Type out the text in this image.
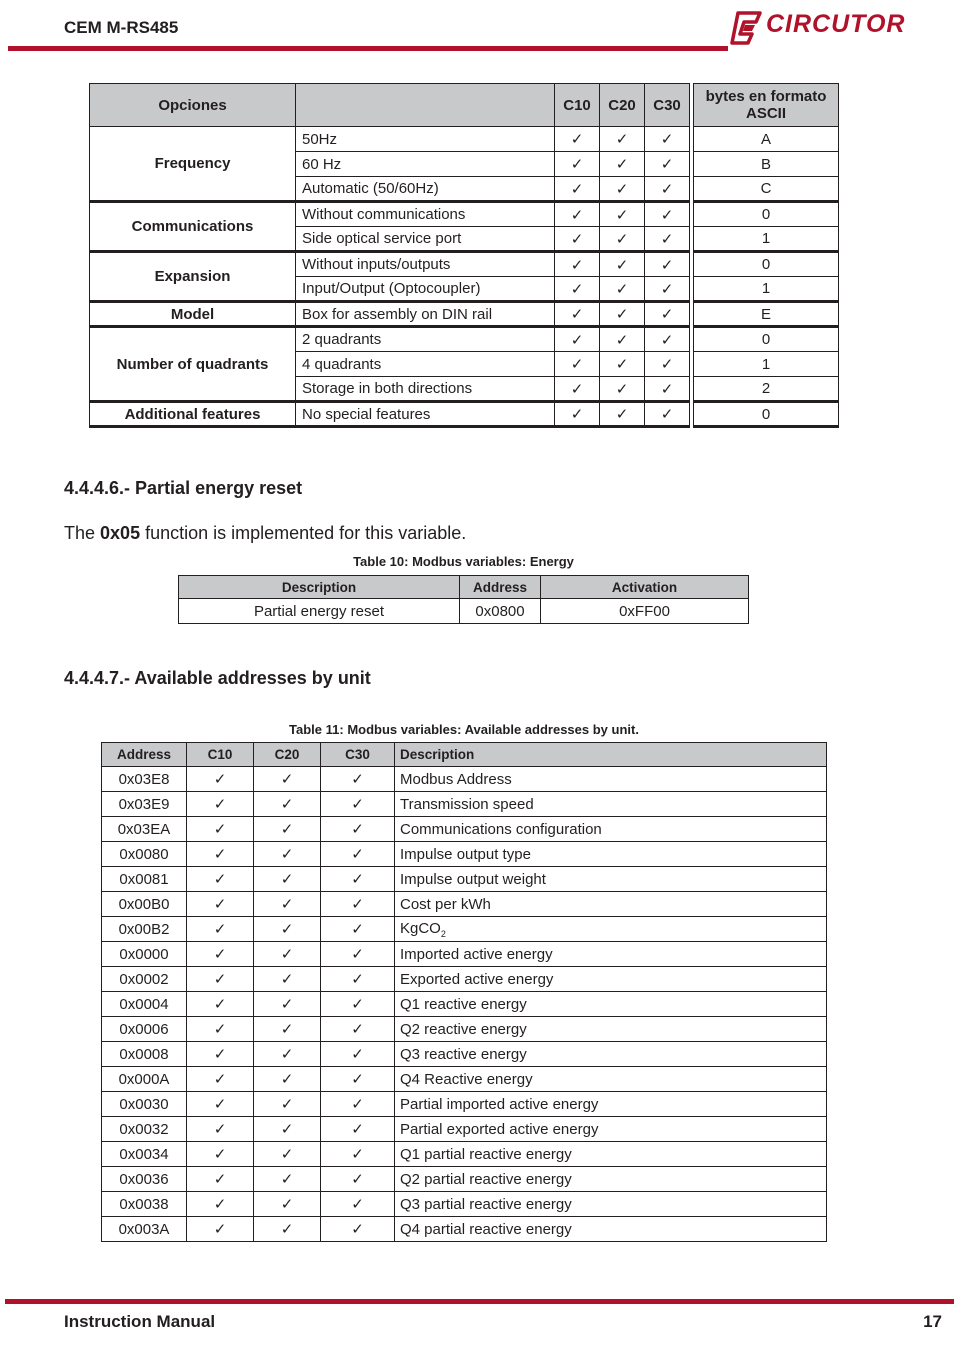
CEM M-RS485	CIRCUTOR
Opciones		C10	C20	C30		bytes en formato ASCII
Frequency	50Hz	✓	✓	✓		A
	60 Hz	✓	✓	✓		B
	Automatic (50/60Hz)	✓	✓	✓		C
Communications	Without communications	✓	✓	✓		0
	Side optical service port	✓	✓	✓		1
Expansion	Without inputs/outputs	✓	✓	✓		0
	Input/Output (Optocoupler)	✓	✓	✓		1
Model	Box for assembly on DIN rail	✓	✓	✓		E
Number of quadrants	2 quadrants	✓	✓	✓		0
	4 quadrants	✓	✓	✓		1
	Storage in both directions	✓	✓	✓		2
Additional features	No special features	✓	✓	✓		0
4.4.4.6.- Partial energy reset
The 0x05 function is implemented for this variable.
Table 10: Modbus variables: Energy
Description	Address	Activation
Partial energy reset	0x0800	0xFF00
4.4.4.7.- Available addresses by unit
Table 11: Modbus variables: Available addresses by unit.
Address	C10	C20	C30	Description
0x03E8	✓	✓	✓	Modbus Address
0x03E9	✓	✓	✓	Transmission speed
0x03EA	✓	✓	✓	Communications configuration
0x0080	✓	✓	✓	Impulse output type
0x0081	✓	✓	✓	Impulse output weight
0x00B0	✓	✓	✓	Cost per kWh
0x00B2	✓	✓	✓	KgCO$_2$
0x0000	✓	✓	✓	Imported active energy
0x0002	✓	✓	✓	Exported active energy
0x0004	✓	✓	✓	Q1 reactive energy
0x0006	✓	✓	✓	Q2 reactive energy
0x0008	✓	✓	✓	Q3 reactive energy
0x000A	✓	✓	✓	Q4 Reactive energy
0x0030	✓	✓	✓	Partial imported active energy
0x0032	✓	✓	✓	Partial exported active energy
0x0034	✓	✓	✓	Q1 partial reactive energy
0x0036	✓	✓	✓	Q2 partial reactive energy
0x0038	✓	✓	✓	Q3 partial reactive energy
0x003A	✓	✓	✓	Q4 partial reactive energy
Instruction Manual	17
